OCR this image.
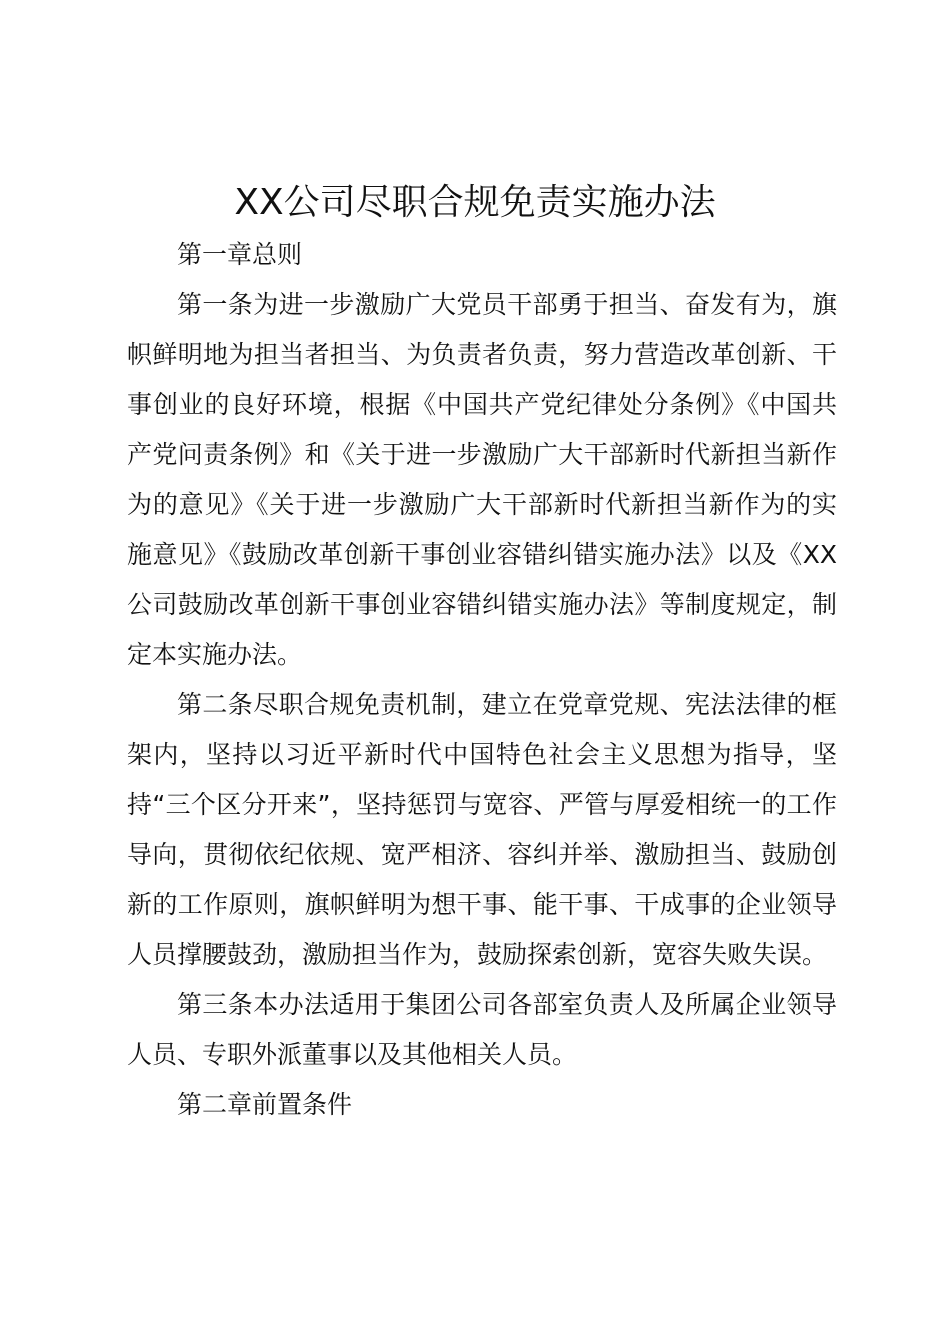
XX公司尽职合规免责实施办法

第一章总则

第一条为进一步激励广大党员干部勇于担当、奋发有为，旗帜鲜明地为担当者担当、为负责者负责，努力营造改革创新、干事创业的良好环境，根据《中国共产党纪律处分条例》《中国共产党问责条例》和《关于进一步激励广大干部新时代新担当新作为的意见》《关于进一步激励广大干部新时代新担当新作为的实施意见》《鼓励改革创新干事创业容错纠错实施办法》以及《XX公司鼓励改革创新干事创业容错纠错实施办法》等制度规定，制定本实施办法。

第二条尽职合规免责机制，建立在党章党规、宪法法律的框架内，坚持以习近平新时代中国特色社会主义思想为指导，坚持“三个区分开来”，坚持惩罚与宽容、严管与厚爱相统一的工作导向，贯彻依纪依规、宽严相济、容纠并举、激励担当、鼓励创新的工作原则，旗帜鲜明为想干事、能干事、干成事的企业领导人员撑腰鼓劲，激励担当作为，鼓励探索创新，宽容失败失误。

第三条本办法适用于集团公司各部室负责人及所属企业领导人员、专职外派董事以及其他相关人员。

第二章前置条件
